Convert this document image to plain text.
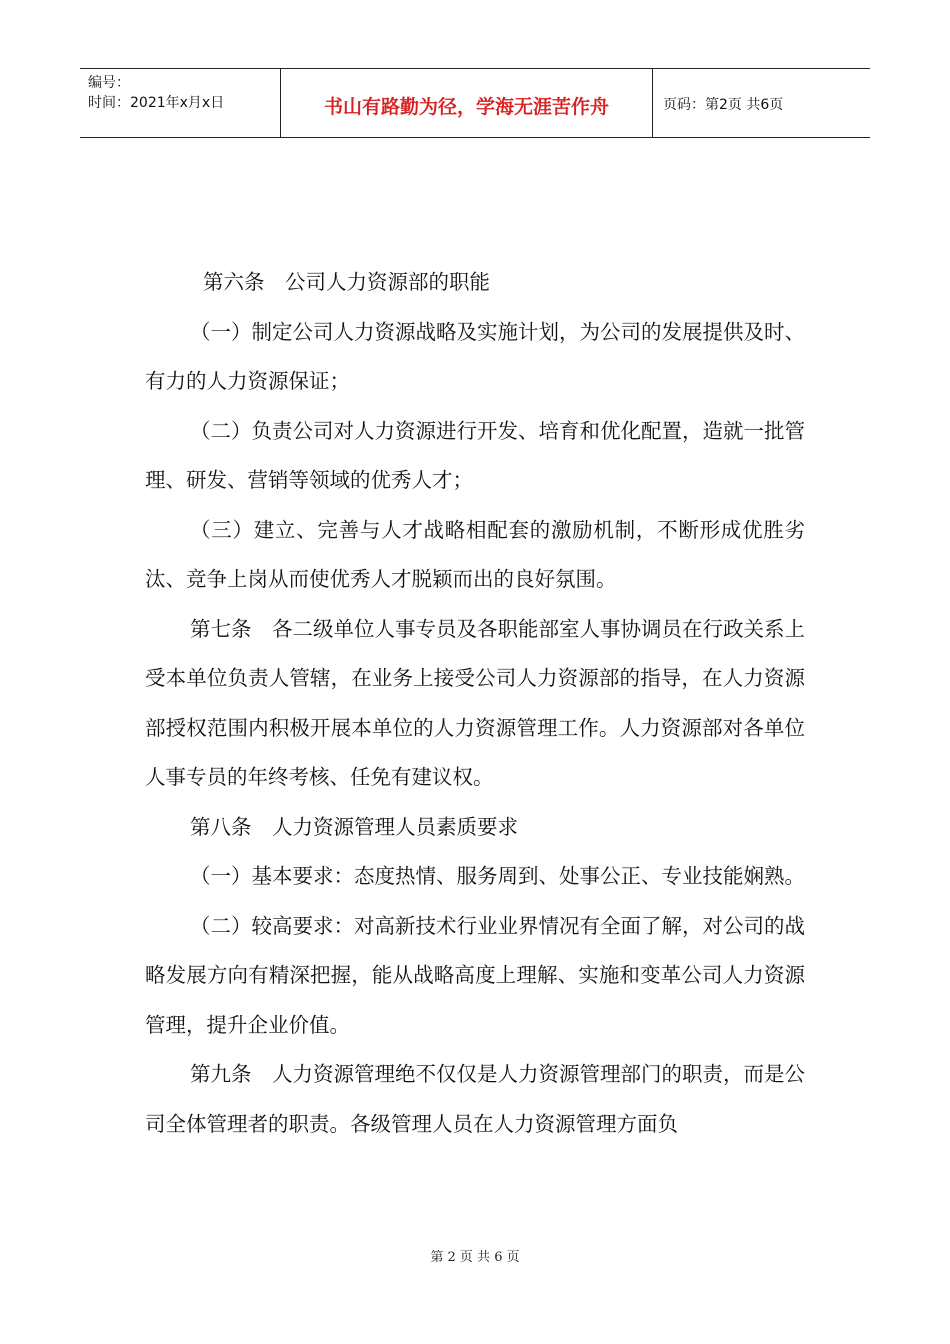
编号：
时间：2021年x月x日	书山有路勤为径，学海无涯苦作舟	页码：第2页 共6页

第六条　公司人力资源部的职能

（一）制定公司人力资源战略及实施计划，为公司的发展提供及时、有力的人力资源保证；

（二）负责公司对人力资源进行开发、培育和优化配置，造就一批管理、研发、营销等领域的优秀人才；

（三）建立、完善与人才战略相配套的激励机制，不断形成优胜劣汰、竞争上岗从而使优秀人才脱颖而出的良好氛围。

第七条　各二级单位人事专员及各职能部室人事协调员在行政关系上受本单位负责人管辖，在业务上接受公司人力资源部的指导，在人力资源部授权范围内积极开展本单位的人力资源管理工作。人力资源部对各单位人事专员的年终考核、任免有建议权。

第八条　人力资源管理人员素质要求

（一）基本要求：态度热情、服务周到、处事公正、专业技能娴熟。

（二）较高要求：对高新技术行业业界情况有全面了解，对公司的战略发展方向有精深把握，能从战略高度上理解、实施和变革公司人力资源管理，提升企业价值。

第九条　人力资源管理绝不仅仅是人力资源管理部门的职责，而是公司全体管理者的职责。各级管理人员在人力资源管理方面负

第 2 页 共 6 页
